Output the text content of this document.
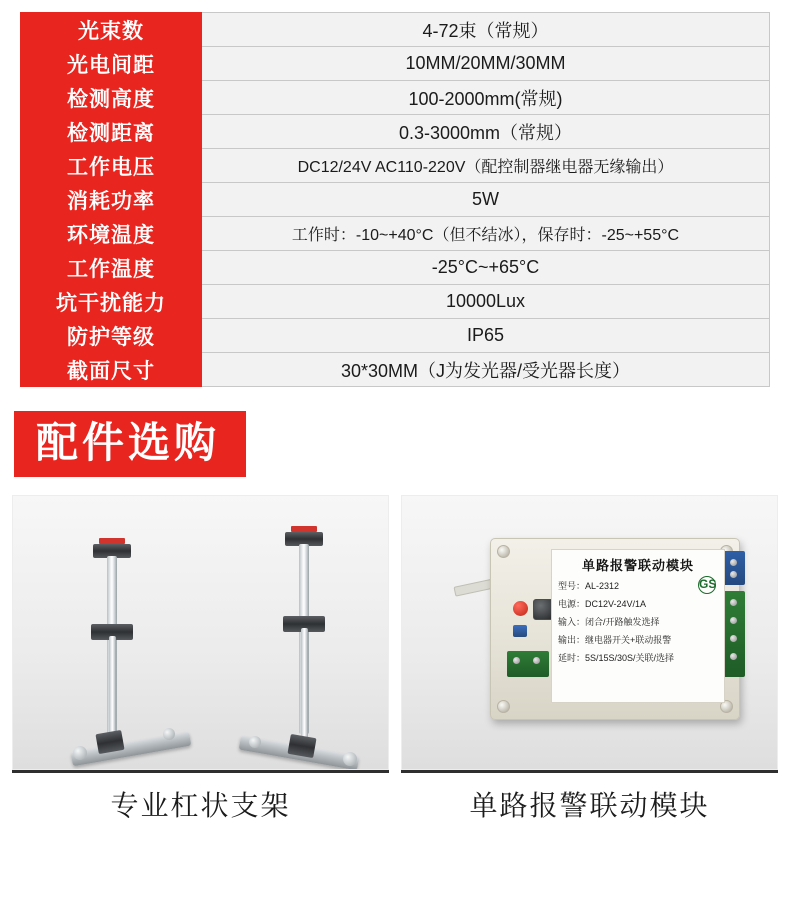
光束数	4-72束（常规）
光电间距	10MM/20MM/30MM
检测高度	100-2000mm(常规)
检测距离	0.3-3000mm（常规）
工作电压	DC12/24V AC110-220V（配控制器继电器无缘输出）
消耗功率	5W
环境温度	工作时：-10~+40°C（但不结冰），保存时：-25~+55°C
工作温度	-25°C~+65°C
坑干扰能力	10000Lux
防护等级	IP65
截面尺寸	30*30MM（J为发光器/受光器长度）
配件选购
专业杠状支架
单路报警联动模块
型号：AL-2312
电源：DC12V-24V/1A
输入：闭合/开路触发选择
输出：继电器开关+联动报警
延时：5S/15S/30S/关联/选择
GS
单路报警联动模块
